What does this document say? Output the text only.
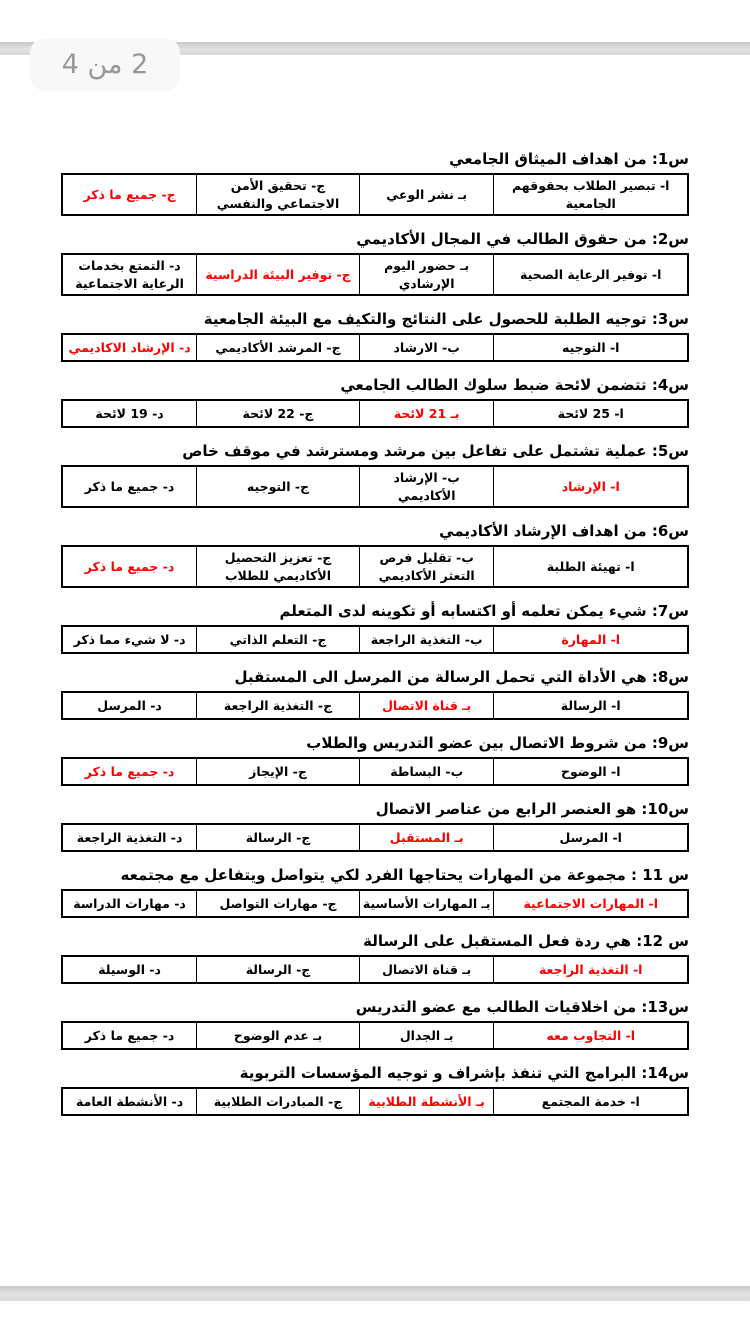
2 من 4
س1: من اهداف الميثاق الجامعي
ا- تبصير الطلاب بحقوقهم الجامعية	بـ نشر الوعي	ج- تحقيق الأمن الاجتماعي والنفسي	ج- جميع ما ذكر
س2: من حقوق الطالب في المجال الأكاديمي
ا- توفير الرعاية الصحية	بـ حضور اليوم الإرشادي	ج- توفير البيئة الدراسية	د- التمتع بخدمات الرعاية الاجتماعية
س3: توجيه الطلبة للحصول على النتائج والتكيف مع البيئة الجامعية
ا- التوجيه	ب- الارشاد	ج- المرشد الأكاديمي	د- الإرشاد الاكاديمي
س4: تتضمن لائحة ضبط سلوك الطالب الجامعي
ا- 25 لائحة	بـ 21 لائحة	ج- 22 لائحة	د- 19 لائحة
س5: عملية تشتمل على تفاعل بين مرشد ومسترشد في موقف خاص
ا- الإرشاد	ب- الإرشاد الأكاديمي	ج- التوجيه	د- جميع ما ذكر
س6: من اهداف الإرشاد الأكاديمي
ا- تهيئة الطلبة	ب- تقليل فرص التعثر الأكاديمي	ج- تعزيز التحصيل الأكاديمي للطلاب	د- جميع ما ذكر
س7: شيء يمكن تعلمه أو اكتسابه أو تكوينه لدى المتعلم
ا- المهارة	ب- التغذية الراجعة	ج- التعلم الذاتي	د- لا شيء مما ذكر
س8: هي الأداة التي تحمل الرسالة من المرسل الى المستقبل
ا- الرسالة	بـ قناة الاتصال	ج- التغذية الراجعة	د- المرسل
س9: من شروط الاتصال بين عضو التدريس والطلاب
ا- الوضوح	ب- البساطة	ج- الإيجاز	د- جميع ما ذكر
س10: هو العنصر الرابع من عناصر الاتصال
ا- المرسل	بـ المستقبل	ج- الرسالة	د- التغذية الراجعة
س 11 : مجموعة من المهارات يحتاجها الفرد لكي يتواصل ويتفاعل مع مجتمعه
ا- المهارات الاجتماعية	بـ المهارات الأساسية	ج- مهارات التواصل	د- مهارات الدراسة
س 12: هي ردة فعل المستقبل على الرسالة
ا- التغذية الراجعة	بـ قناة الاتصال	ج- الرسالة	د- الوسيلة
س13: من اخلاقيات الطالب مع عضو التدريس
ا- التجاوب معه	بـ الجدال	بـ عدم الوضوح	د- جميع ما ذكر
س14: البرامج التي تنفذ بإشراف و توجيه المؤسسات التربوية
ا- خدمة المجتمع	بـ الأنشطة الطلابية	ج- المبادرات الطلابية	د- الأنشطة العامة
